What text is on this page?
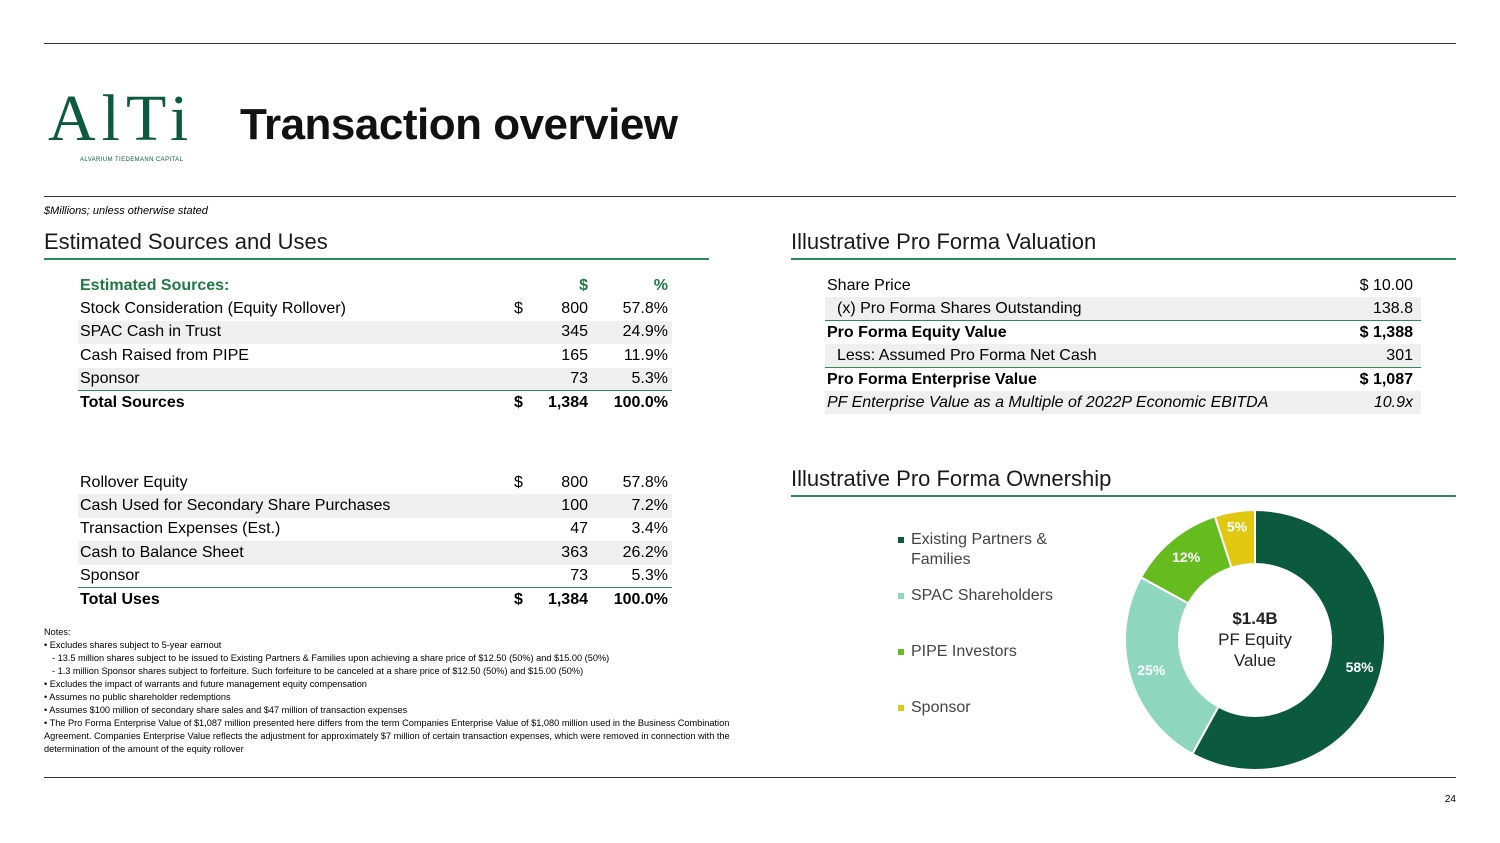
AlTi
ALVARIUM TIEDEMANN CAPITAL
Transaction overview
$Millions; unless otherwise stated
Estimated Sources and Uses
Estimated Sources:		$	%
Stock Consideration (Equity Rollover)	$	800	57.8%
SPAC Cash in Trust		345	24.9%
Cash Raised from PIPE		165	11.9%
Sponsor		73	5.3%
Total Sources	$	1,384	100.0%
Rollover Equity	$	800	57.8%
Cash Used for Secondary Share Purchases		100	7.2%
Transaction Expenses (Est.)		47	3.4%
Cash to Balance Sheet		363	26.2%
Sponsor		73	5.3%
Total Uses	$	1,384	100.0%
Notes:
• Excludes shares subject to 5-year earnout
- 13.5 million shares subject to be issued to Existing Partners & Families upon achieving a share price of $12.50 (50%) and $15.00 (50%)
- 1.3 million Sponsor shares subject to forfeiture. Such forfeiture to be canceled at a share price of $12.50 (50%) and $15.00 (50%)
• Excludes the impact of warrants and future management equity compensation
• Assumes no public shareholder redemptions
• Assumes $100 million of secondary share sales and $47 million of transaction expenses
• The Pro Forma Enterprise Value of $1,087 million presented here differs from the term Companies Enterprise Value of $1,080 million used in the Business Combination Agreement. Companies Enterprise Value reflects the adjustment for approximately $7 million of certain transaction expenses, which were removed in connection with the determination of the amount of the equity rollover
Illustrative Pro Forma Valuation
Share Price	$ 10.00
(x) Pro Forma Shares Outstanding	138.8
Pro Forma Equity Value	$ 1,388
Less: Assumed Pro Forma Net Cash	301
Pro Forma Enterprise Value	$ 1,087
PF Enterprise Value as a Multiple of 2022P Economic EBITDA	10.9x
Illustrative Pro Forma Ownership
Existing Partners &
Families
SPAC Shareholders
PIPE Investors
Sponsor
58%
25%
12%
5%
$1.4B
PF Equity
Value
24
